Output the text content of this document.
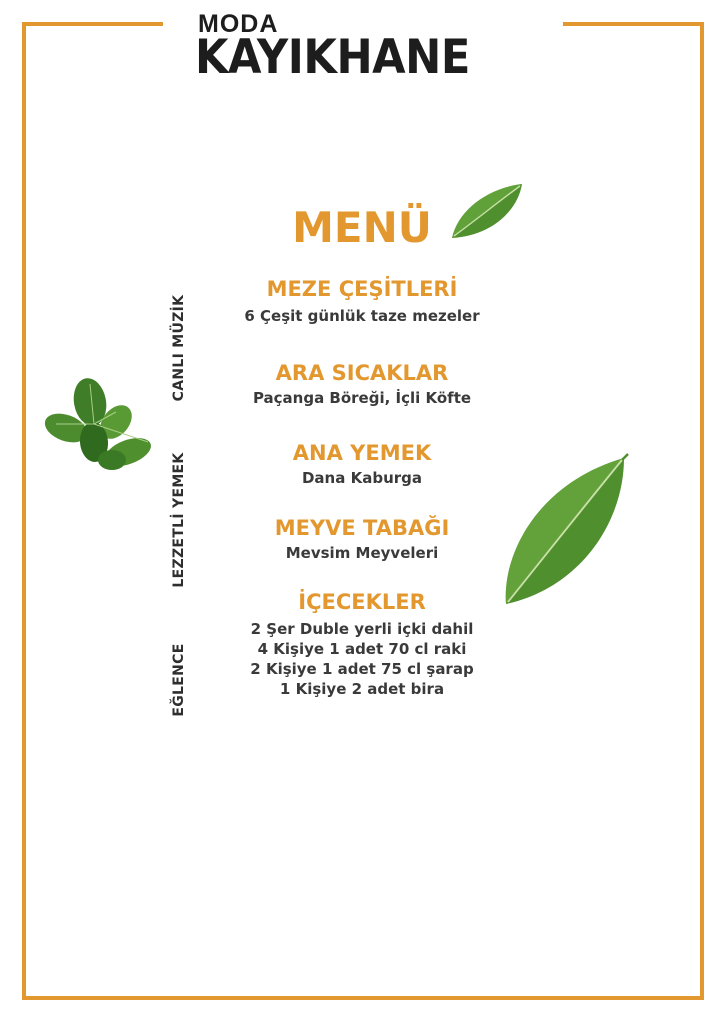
MODA
KAYIKHANE
MENÜ
CANLI MÜZİK
LEZZETLİ YEMEK
EĞLENCE
MEZE ÇEŞİTLERİ
6 Çeşit günlük taze mezeler
ARA SICAKLAR
Paçanga Böreği, İçli Köfte
ANA YEMEK
Dana Kaburga
MEYVE TABAĞI
Mevsim Meyveleri
İÇECEKLER
2 Şer Duble yerli içki dahil
4 Kişiye 1 adet 70 cl raki
2 Kişiye 1 adet 75 cl şarap
1 Kişiye 2 adet bira
